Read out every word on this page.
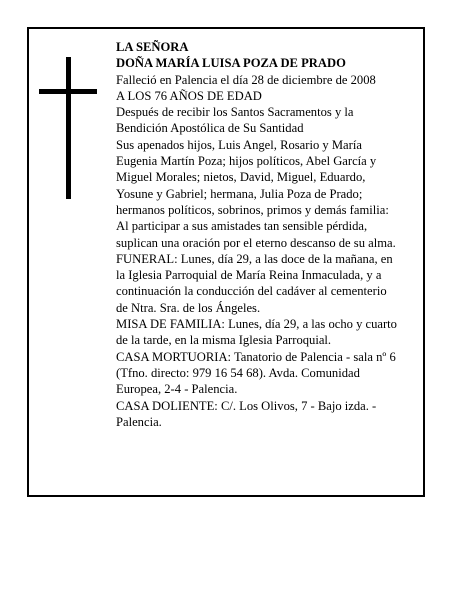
LA SEÑORA
DOÑA MARÍA LUISA POZA DE PRADO
Falleció en Palencia el día 28 de diciembre de 2008
A LOS 76 AÑOS DE EDAD
Después de recibir los Santos Sacramentos y la
Bendición Apostólica de Su Santidad
Sus apenados hijos, Luis Angel, Rosario y María
Eugenia Martín Poza; hijos políticos, Abel García y
Miguel Morales; nietos, David, Miguel, Eduardo,
Yosune y Gabriel; hermana, Julia Poza de Prado;
hermanos políticos, sobrinos, primos y demás familia:
Al participar a sus amistades tan sensible pérdida,
suplican una oración por el eterno descanso de su alma.
FUNERAL: Lunes, día 29, a las doce de la mañana, en
la Iglesia Parroquial de María Reina Inmaculada, y a
continuación la conducción del cadáver al cementerio
de Ntra. Sra. de los Ángeles.
MISA DE FAMILIA: Lunes, día 29, a las ocho y cuarto
de la tarde, en la misma Iglesia Parroquial.
CASA MORTUORIA: Tanatorio de Palencia - sala nº 6
(Tfno. directo: 979 16 54 68). Avda. Comunidad
Europea, 2-4 - Palencia.
CASA DOLIENTE: C/. Los Olivos, 7 - Bajo izda. -
Palencia.
